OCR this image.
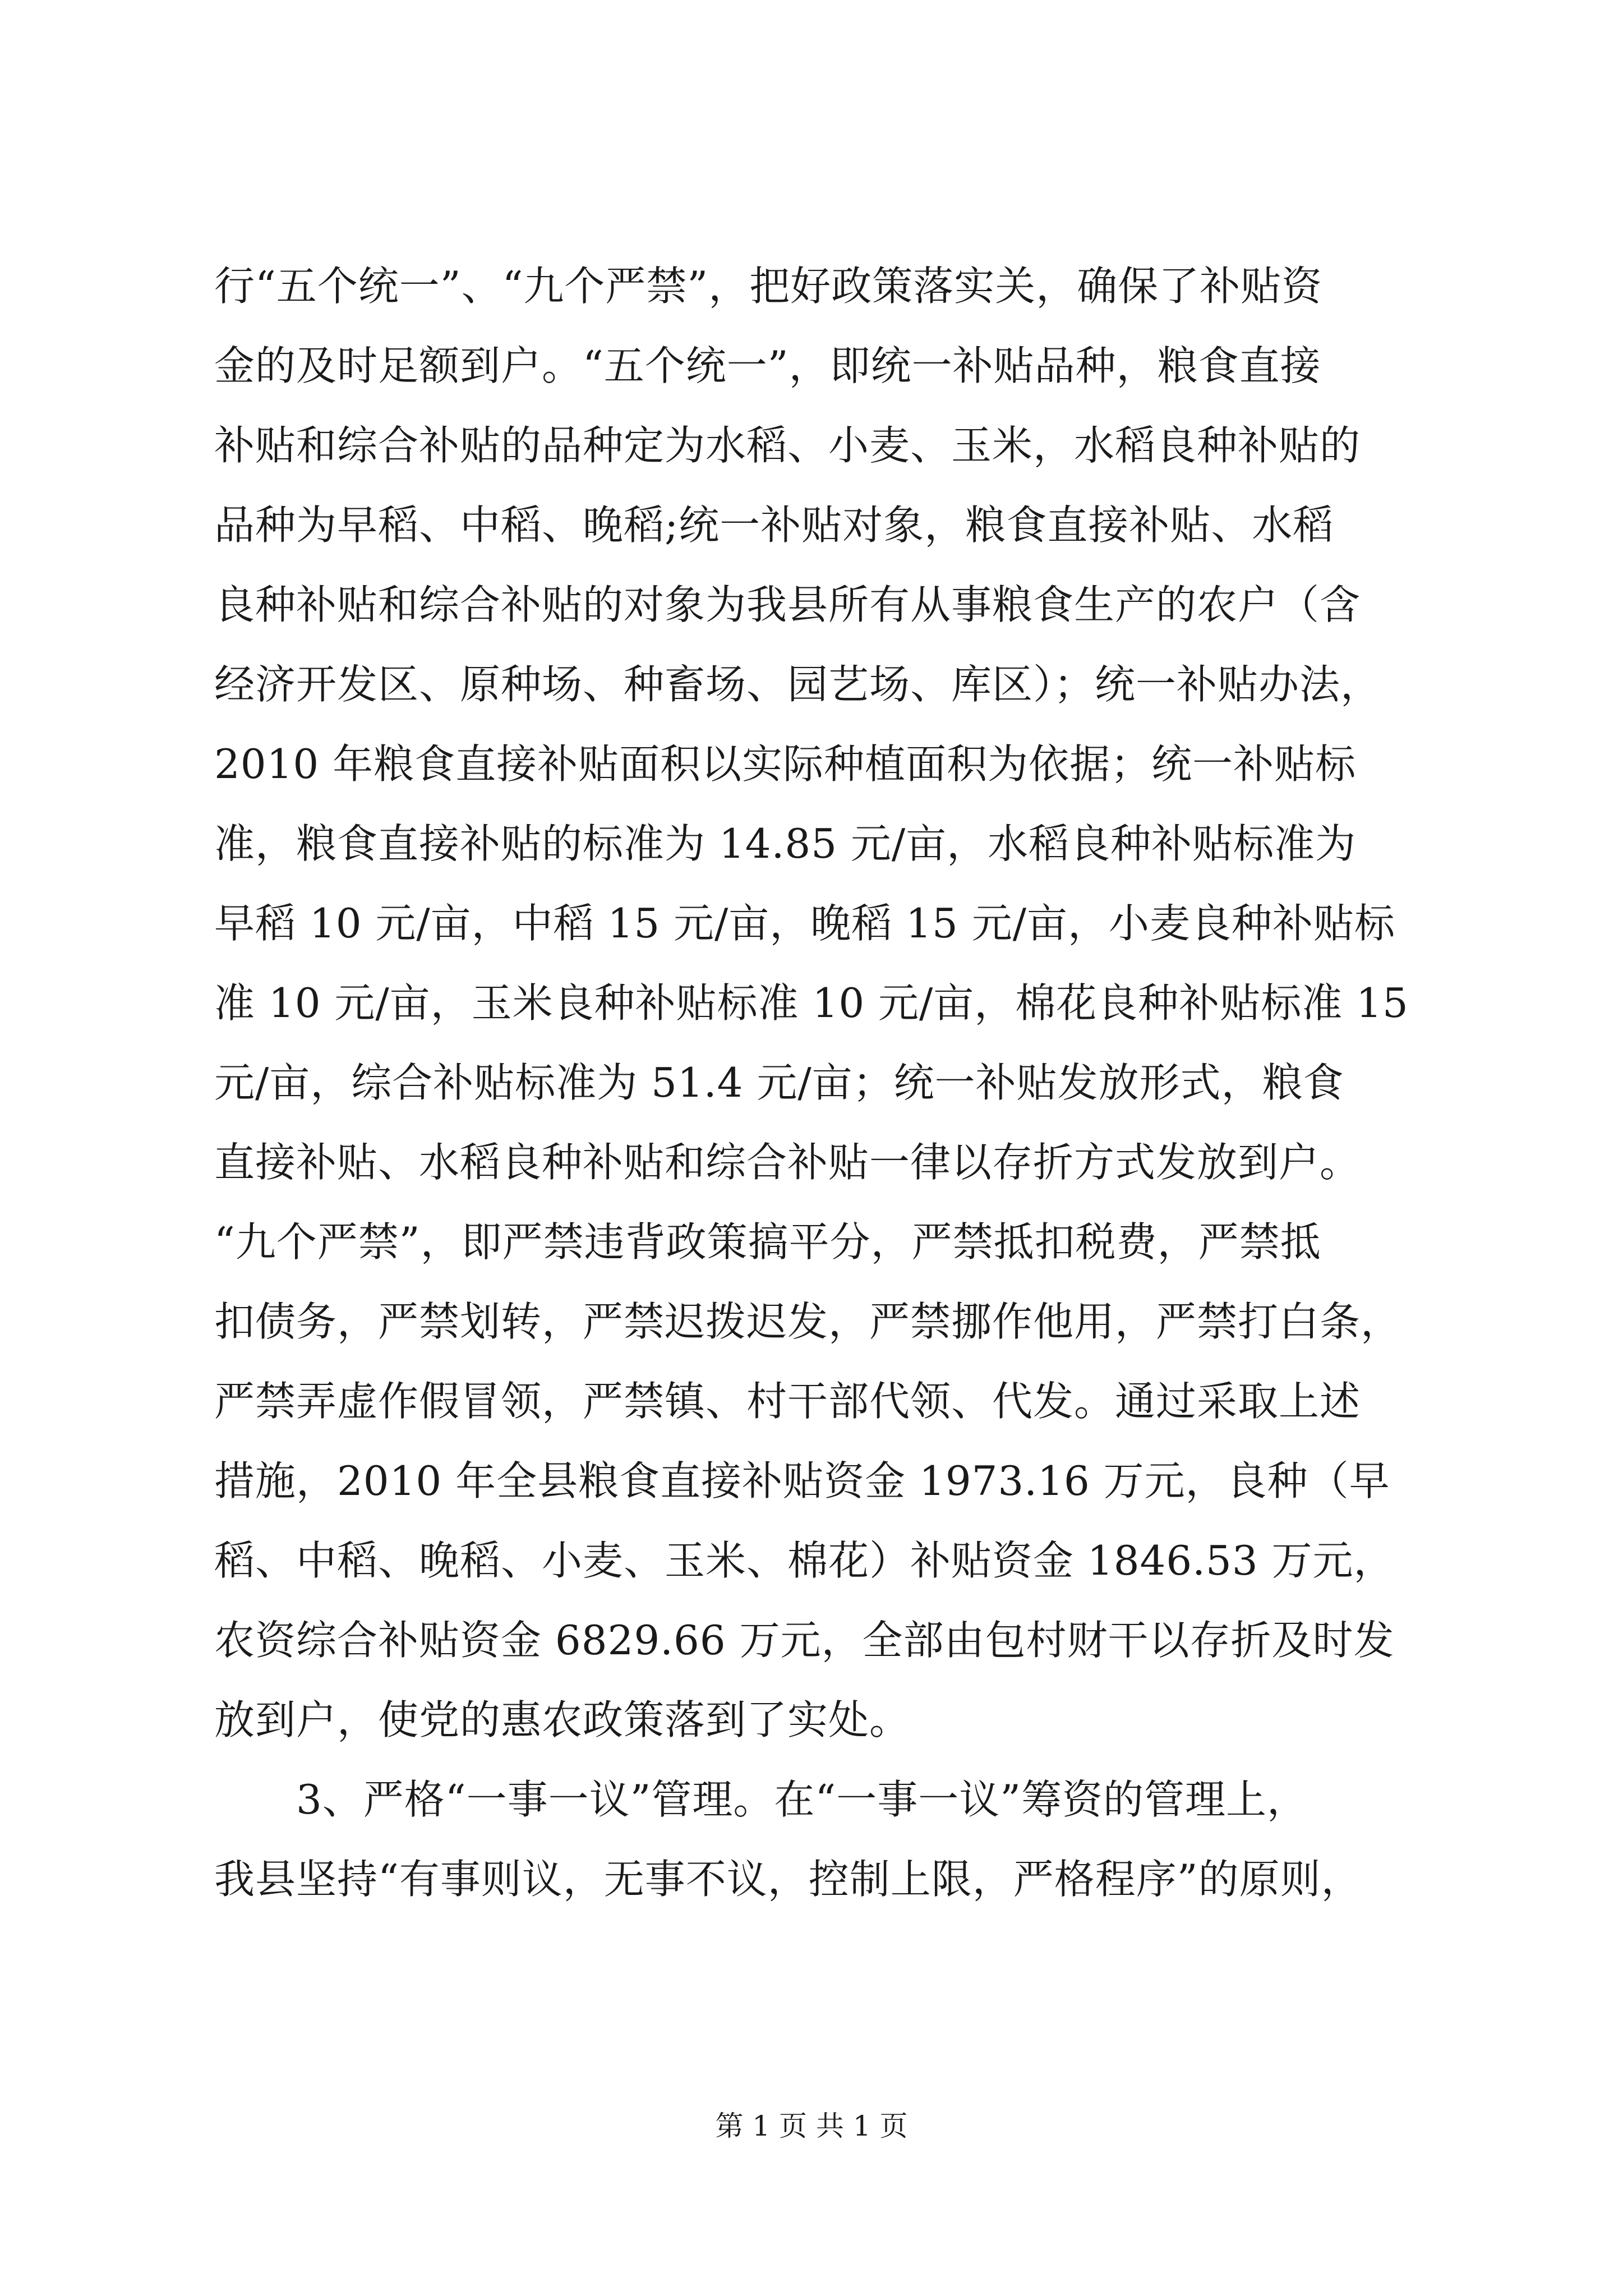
行“五个统一”、“九个严禁”，把好政策落实关，确保了补贴资
金的及时足额到户。“五个统一”，即统一补贴品种，粮食直接
补贴和综合补贴的品种定为水稻、小麦、玉米，水稻良种补贴的
品种为早稻、中稻、晚稻;统一补贴对象，粮食直接补贴、水稻
良种补贴和综合补贴的对象为我县所有从事粮食生产的农户（含
经济开发区、原种场、种畜场、园艺场、库区）；统一补贴办法，
2010 年粮食直接补贴面积以实际种植面积为依据；统一补贴标
准，粮食直接补贴的标准为 14.85 元/亩，水稻良种补贴标准为
早稻 10 元/亩，中稻 15 元/亩，晚稻 15 元/亩，小麦良种补贴标
准 10 元/亩，玉米良种补贴标准 10 元/亩，棉花良种补贴标准 15
元/亩，综合补贴标准为 51.4 元/亩；统一补贴发放形式，粮食
直接补贴、水稻良种补贴和综合补贴一律以存折方式发放到户。
“九个严禁”，即严禁违背政策搞平分，严禁抵扣税费，严禁抵
扣债务，严禁划转，严禁迟拨迟发，严禁挪作他用，严禁打白条，
严禁弄虚作假冒领，严禁镇、村干部代领、代发。通过采取上述
措施，2010 年全县粮食直接补贴资金 1973.16 万元，良种（早
稻、中稻、晚稻、小麦、玉米、棉花）补贴资金 1846.53 万元，
农资综合补贴资金 6829.66 万元，全部由包村财干以存折及时发
放到户，使党的惠农政策落到了实处。
3、严格“一事一议”管理。在“一事一议”筹资的管理上，
我县坚持“有事则议，无事不议，控制上限，严格程序”的原则，
第 1 页 共 1 页
